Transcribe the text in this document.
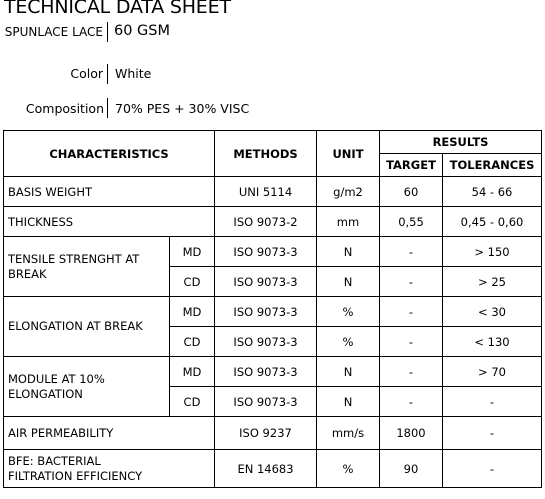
TECHNICAL DATA SHEET
SPUNLACE LACE 60 GSM
Color White
Composition 70% PES + 30% VISC
CHARACTERISTICS		METHODS	UNIT	RESULTS	
				TARGET	TOLERANCES
BASIS WEIGHT		UNI 5114	g/m2	60	54 - 66
THICKNESS		ISO 9073-2	mm	0,55	0,45 - 0,60
TENSILE STRENGHT AT BREAK	MD	ISO 9073-3	N	-	> 150
	CD	ISO 9073-3	N	-	> 25
ELONGATION AT BREAK	MD	ISO 9073-3	%	-	< 30
	CD	ISO 9073-3	%	-	< 130
MODULE AT 10% ELONGATION	MD	ISO 9073-3	N	-	> 70
	CD	ISO 9073-3	N	-	-
AIR PERMEABILITY		ISO 9237	mm/s	1800	-
BFE: BACTERIAL FILTRATION EFFICIENCY		EN 14683	%	90	-
